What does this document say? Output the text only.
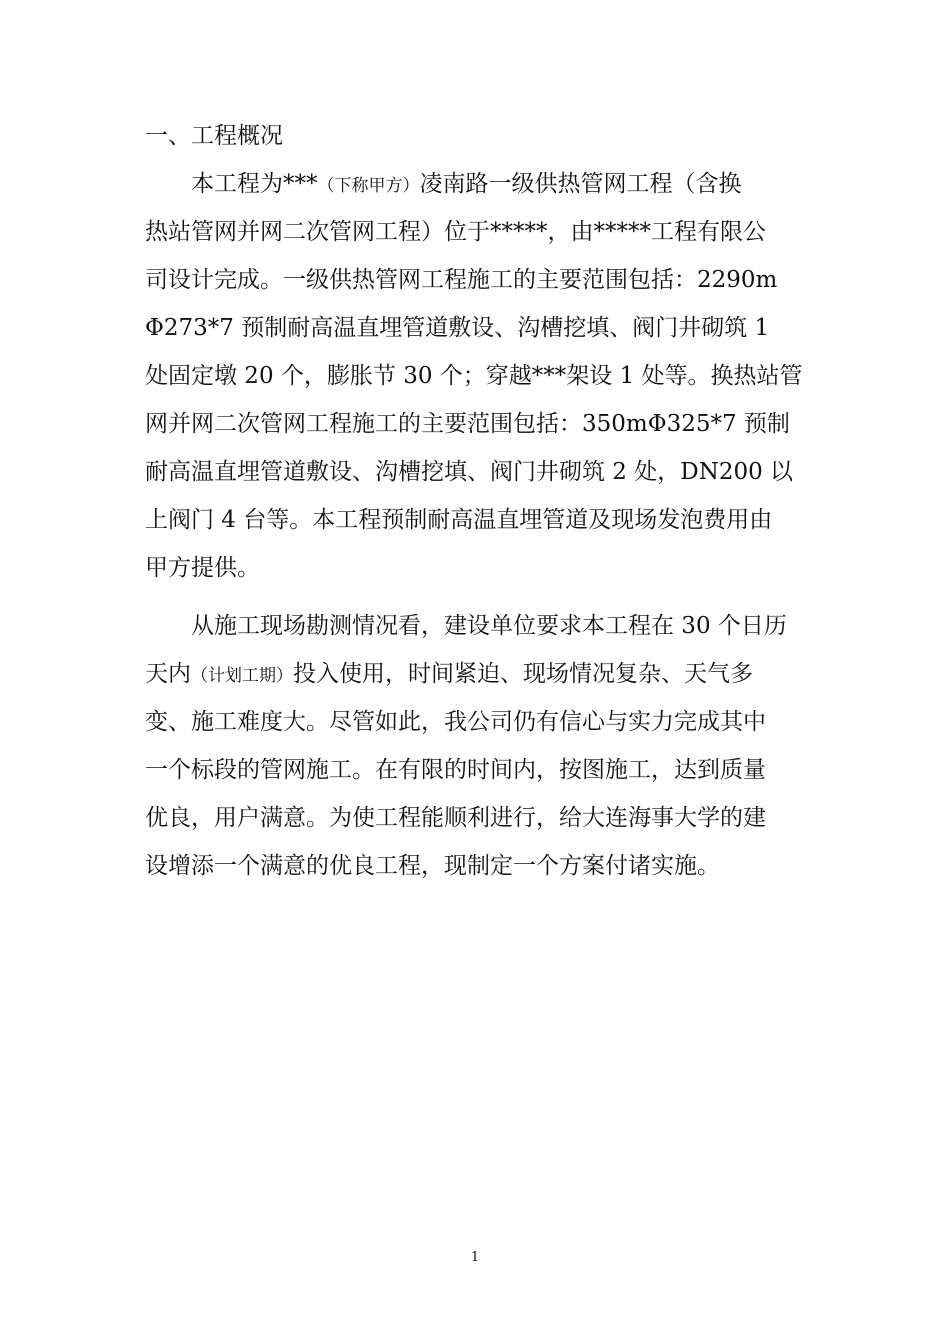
一、工程概况
本工程为***（下称甲方）凌南路一级供热管网工程（含换
热站管网并网二次管网工程）位于*****，由*****工程有限公
司设计完成。一级供热管网工程施工的主要范围包括：2290m
Φ273*7 预制耐高温直埋管道敷设、沟槽挖填、阀门井砌筑 1
处固定墩 20 个，膨胀节 30 个；穿越***架设 1 处等。换热站管
网并网二次管网工程施工的主要范围包括：350mΦ325*7 预制
耐高温直埋管道敷设、沟槽挖填、阀门井砌筑 2 处，DN200 以
上阀门 4 台等。本工程预制耐高温直埋管道及现场发泡费用由
甲方提供。
从施工现场勘测情况看，建设单位要求本工程在 30 个日历
天内（计划工期）投入使用，时间紧迫、现场情况复杂、天气多
变、施工难度大。尽管如此，我公司仍有信心与实力完成其中
一个标段的管网施工。在有限的时间内，按图施工，达到质量
优良，用户满意。为使工程能顺利进行，给大连海事大学的建
设增添一个满意的优良工程，现制定一个方案付诸实施。
1
